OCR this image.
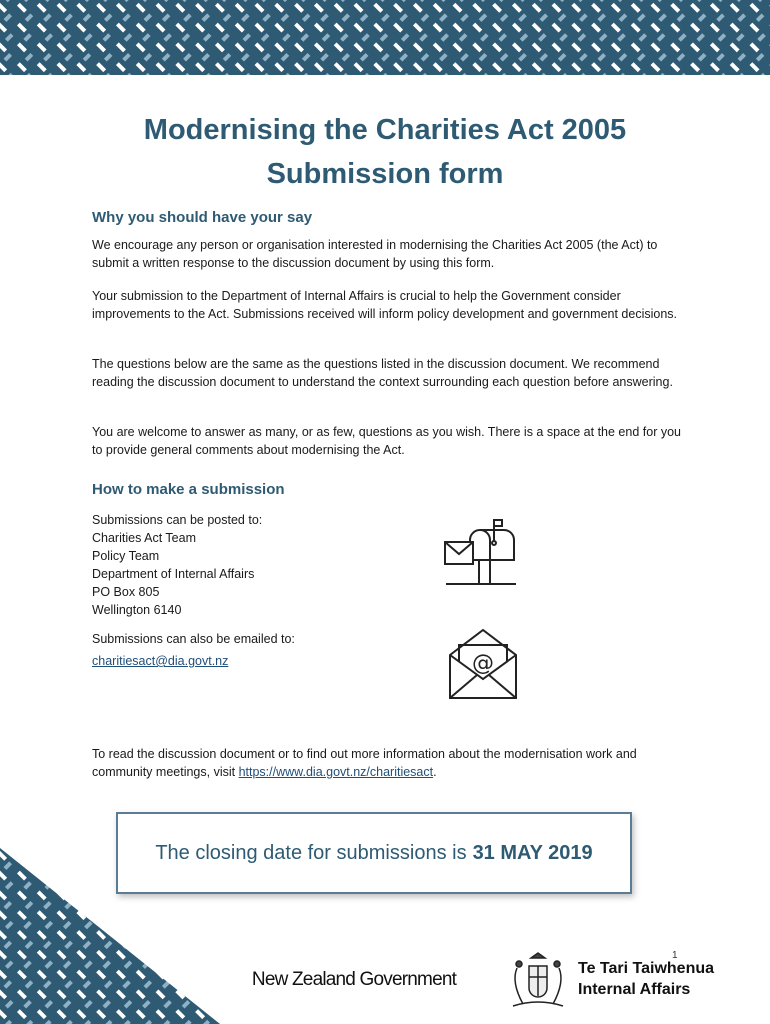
Modernising the Charities Act 2005
Submission form
Why you should have your say

We encourage any person or organisation interested in modernising the Charities Act 2005 (the Act) to submit a written response to the discussion document by using this form.

Your submission to the Department of Internal Affairs is crucial to help the Government consider improvements to the Act. Submissions received will inform policy development and government decisions.

The questions below are the same as the questions listed in the discussion document. We recommend reading the discussion document to understand the context surrounding each question before answering.

You are welcome to answer as many, or as few, questions as you wish. There is a space at the end for you to provide general comments about modernising the Act.

How to make a submission
Submissions can be posted to:
Charities Act Team
Policy Team
Department of Internal Affairs
PO Box 805
Wellington 6140
Submissions can also be emailed to:
charitiesact@dia.govt.nz	@

To read the discussion document or to find out more information about the modernisation work and community meetings, visit https://www.dia.govt.nz/charitiesact.

The closing date for submissions is 31 MAY 2019
New Zealand Government
Te Tari Taiwhenua
Internal Affairs
1
